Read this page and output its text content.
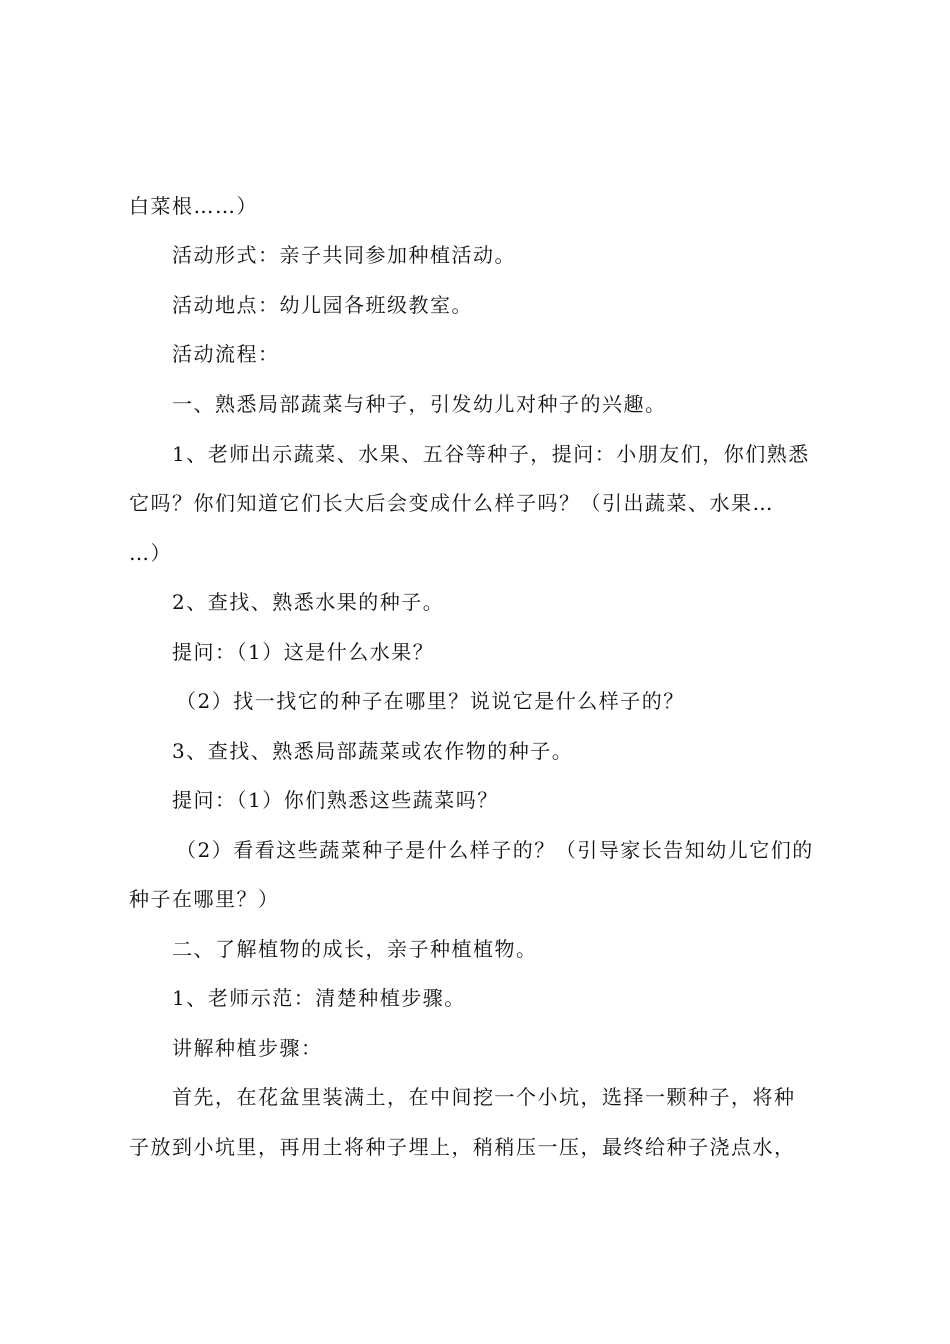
白菜根……）
活动形式：亲子共同参加种植活动。
活动地点：幼儿园各班级教室。
活动流程：
一、熟悉局部蔬菜与种子，引发幼儿对种子的兴趣。
1、老师出示蔬菜、水果、五谷等种子，提问：小朋友们，你们熟悉
它吗？你们知道它们长大后会变成什么样子吗？（引出蔬菜、水果…
…）
2、查找、熟悉水果的种子。
提问：（1）这是什么水果？
（2）找一找它的种子在哪里？说说它是什么样子的？
3、查找、熟悉局部蔬菜或农作物的种子。
提问：（1）你们熟悉这些蔬菜吗？
（2）看看这些蔬菜种子是什么样子的？（引导家长告知幼儿它们的
种子在哪里？）
二、了解植物的成长，亲子种植植物。
1、老师示范：清楚种植步骤。
讲解种植步骤：
首先，在花盆里装满土，在中间挖一个小坑，选择一颗种子，将种
子放到小坑里，再用土将种子埋上，稍稍压一压，最终给种子浇点水，
